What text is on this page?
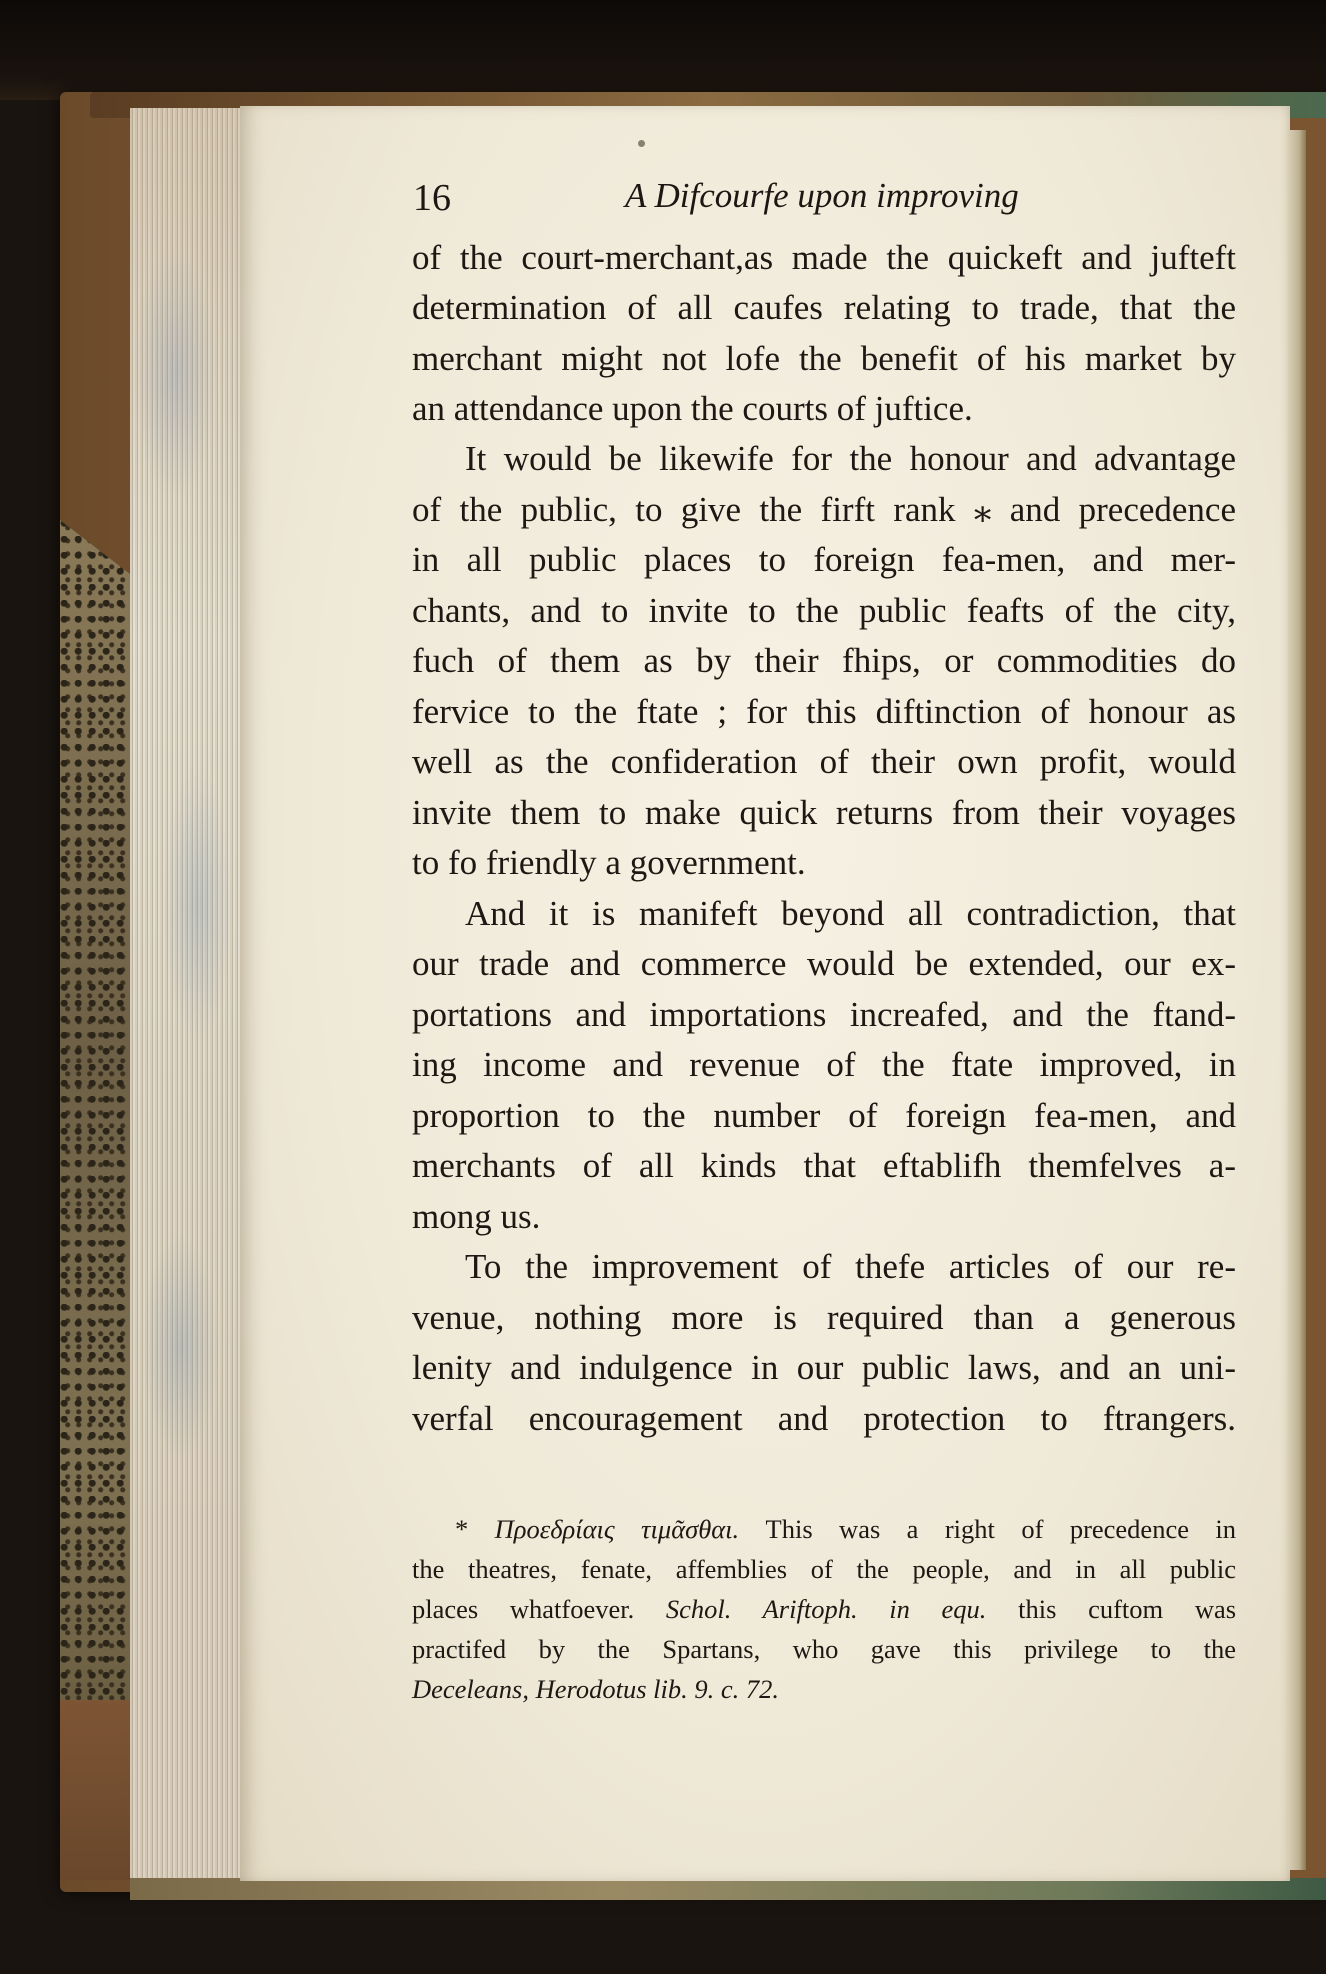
16	A Difcourfe upon improving
of the court-merchant,as made the quickeft and jufteft
determination of all caufes relating to trade, that the
merchant might not lofe the benefit of his market by
an attendance upon the courts of juftice.
It would be likewife for the honour and advantage
of the public, to give the firft rank ⁎ and precedence
in all public places to foreign fea-men, and mer-
chants, and to invite to the public feafts of the city,
fuch of them as by their fhips, or commodities do
fervice to the ftate ; for this diftinction of honour as
well as the confideration of their own profit, would
invite them to make quick returns from their voyages
to fo friendly a government.
And it is manifeft beyond all contradiction, that
our trade and commerce would be extended, our ex-
portations and importations increafed, and the ftand-
ing income and revenue of the ftate improved, in
proportion to the number of foreign fea-men, and
merchants of all kinds that eftablifh themfelves a-
mong us.
To the improvement of thefe articles of our re-
venue, nothing more is required than a generous
lenity and indulgence in our public laws, and an uni-
verfal encouragement and protection to ftrangers.
* Προεδρίαις τιμᾶσθαι. This was a right of precedence in
the theatres, fenate, affemblies of the people, and in all public
places whatfoever. Schol. Ariftoph. in equ. this cuftom was
practifed by the Spartans, who gave this privilege to the
Deceleans, Herodotus lib. 9. c. 72.
